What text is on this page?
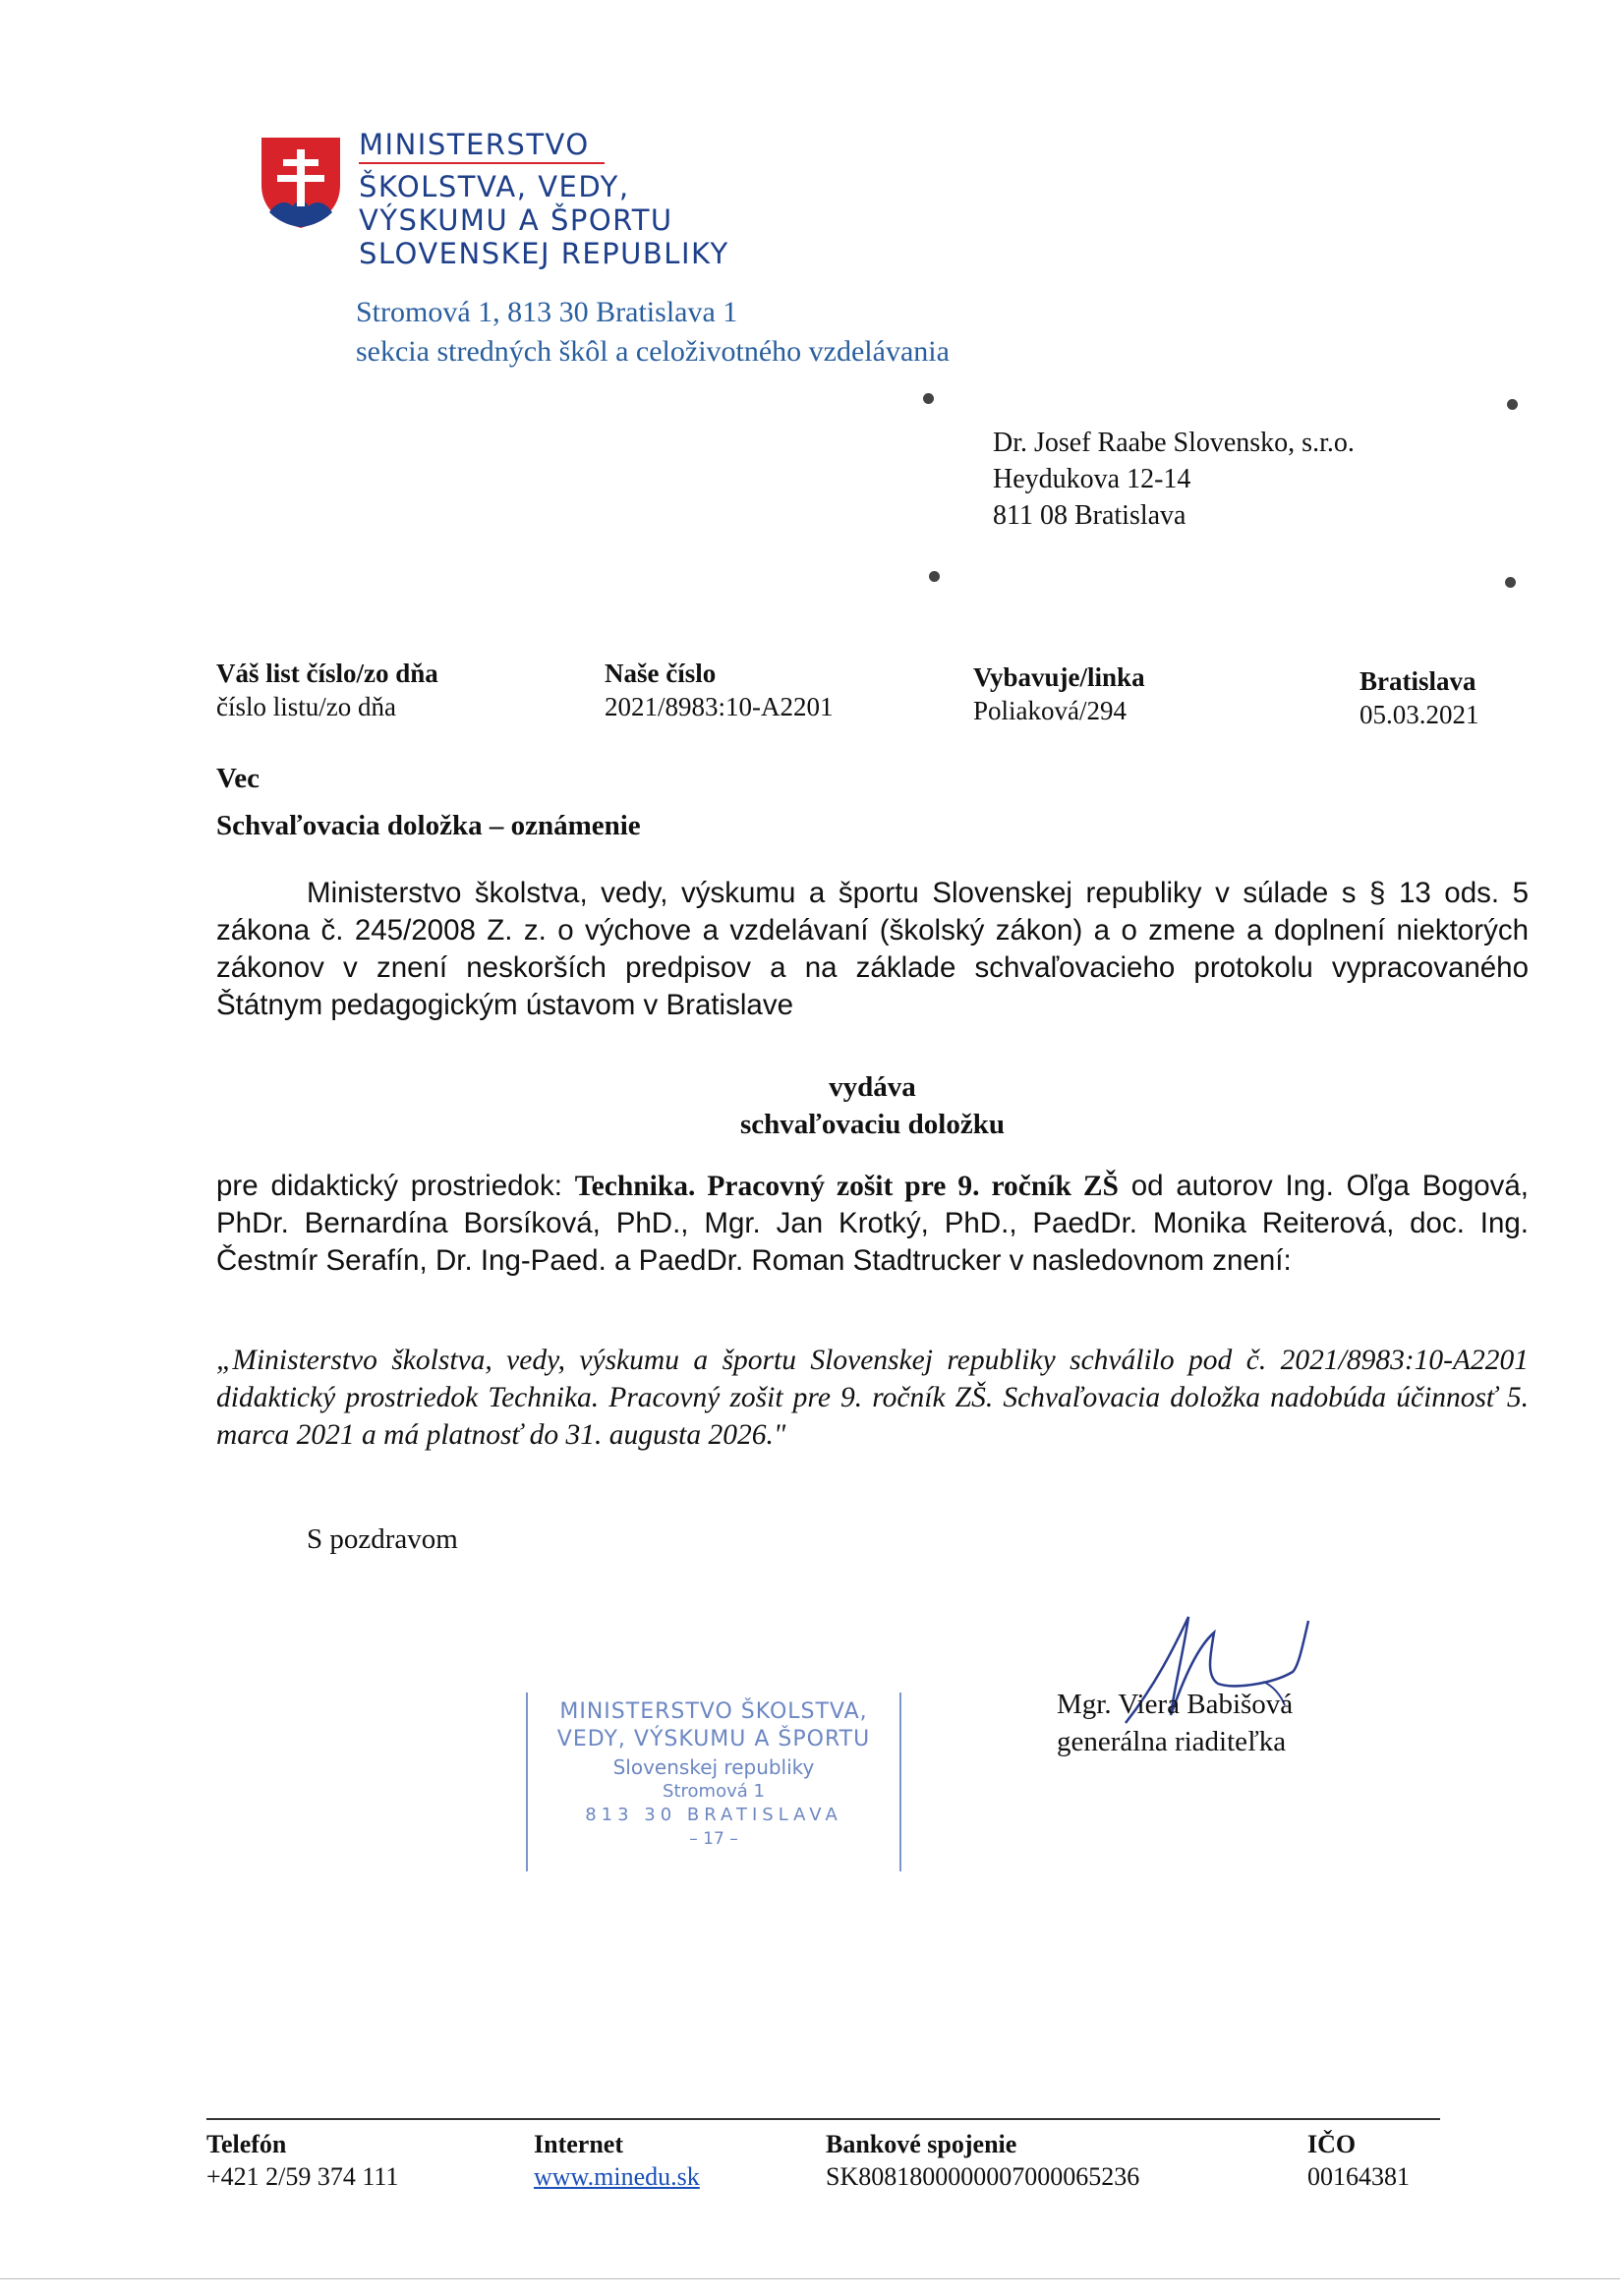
MINISTERSTVO
ŠKOLSTVA, VEDY,
VÝSKUMU A ŠPORTU
SLOVENSKEJ REPUBLIKY
Stromová 1, 813 30 Bratislava 1
sekcia stredných škôl a celoživotného vzdelávania
Dr. Josef Raabe Slovensko, s.r.o.
Heydukova 12-14
811 08 Bratislava
Váš list číslo/zo dňa
číslo listu/zo dňa
Naše číslo
2021/8983:10-A2201
Vybavuje/linka
Poliaková/294
Bratislava
05.03.2021
Vec
Schvaľovacia doložka – oznámenie
Ministerstvo školstva, vedy, výskumu a športu Slovenskej republiky v súlade s § 13 ods. 5 zákona č. 245/2008 Z. z. o výchove a vzdelávaní (školský zákon) a o zmene a doplnení niektorých zákonov v znení neskorších predpisov a na základe schvaľovacieho protokolu vypracovaného Štátnym pedagogickým ústavom v Bratislave
vydáva
schvaľovaciu doložku
pre didaktický prostriedok: Technika. Pracovný zošit pre 9. ročník ZŠ od autorov Ing. Oľga Bogová, PhDr. Bernardína Borsíková, PhD., Mgr. Jan Krotký, PhD., PaedDr. Monika Reiterová, doc. Ing. Čestmír Serafín, Dr. Ing-Paed. a PaedDr. Roman Stadtrucker v nasledovnom znení:
„Ministerstvo školstva, vedy, výskumu a športu Slovenskej republiky schválilo pod č. 2021/8983:10-A2201 didaktický prostriedok Technika. Pracovný zošit pre 9. ročník ZŠ. Schvaľovacia doložka nadobúda účinnosť 5. marca 2021 a má platnosť do 31. augusta 2026."
S pozdravom
Mgr. Viera Babišová
generálna riaditeľka
MINISTERSTVO ŠKOLSTVA,
VEDY, VÝSKUMU A ŠPORTU
Slovenskej republiky
Stromová 1
813 30 BRATISLAVA
– 17 –
Telefón
+421 2/59 374 111
Internet
www.minedu.sk
Bankové spojenie
SK8081800000007000065236
IČO
00164381
